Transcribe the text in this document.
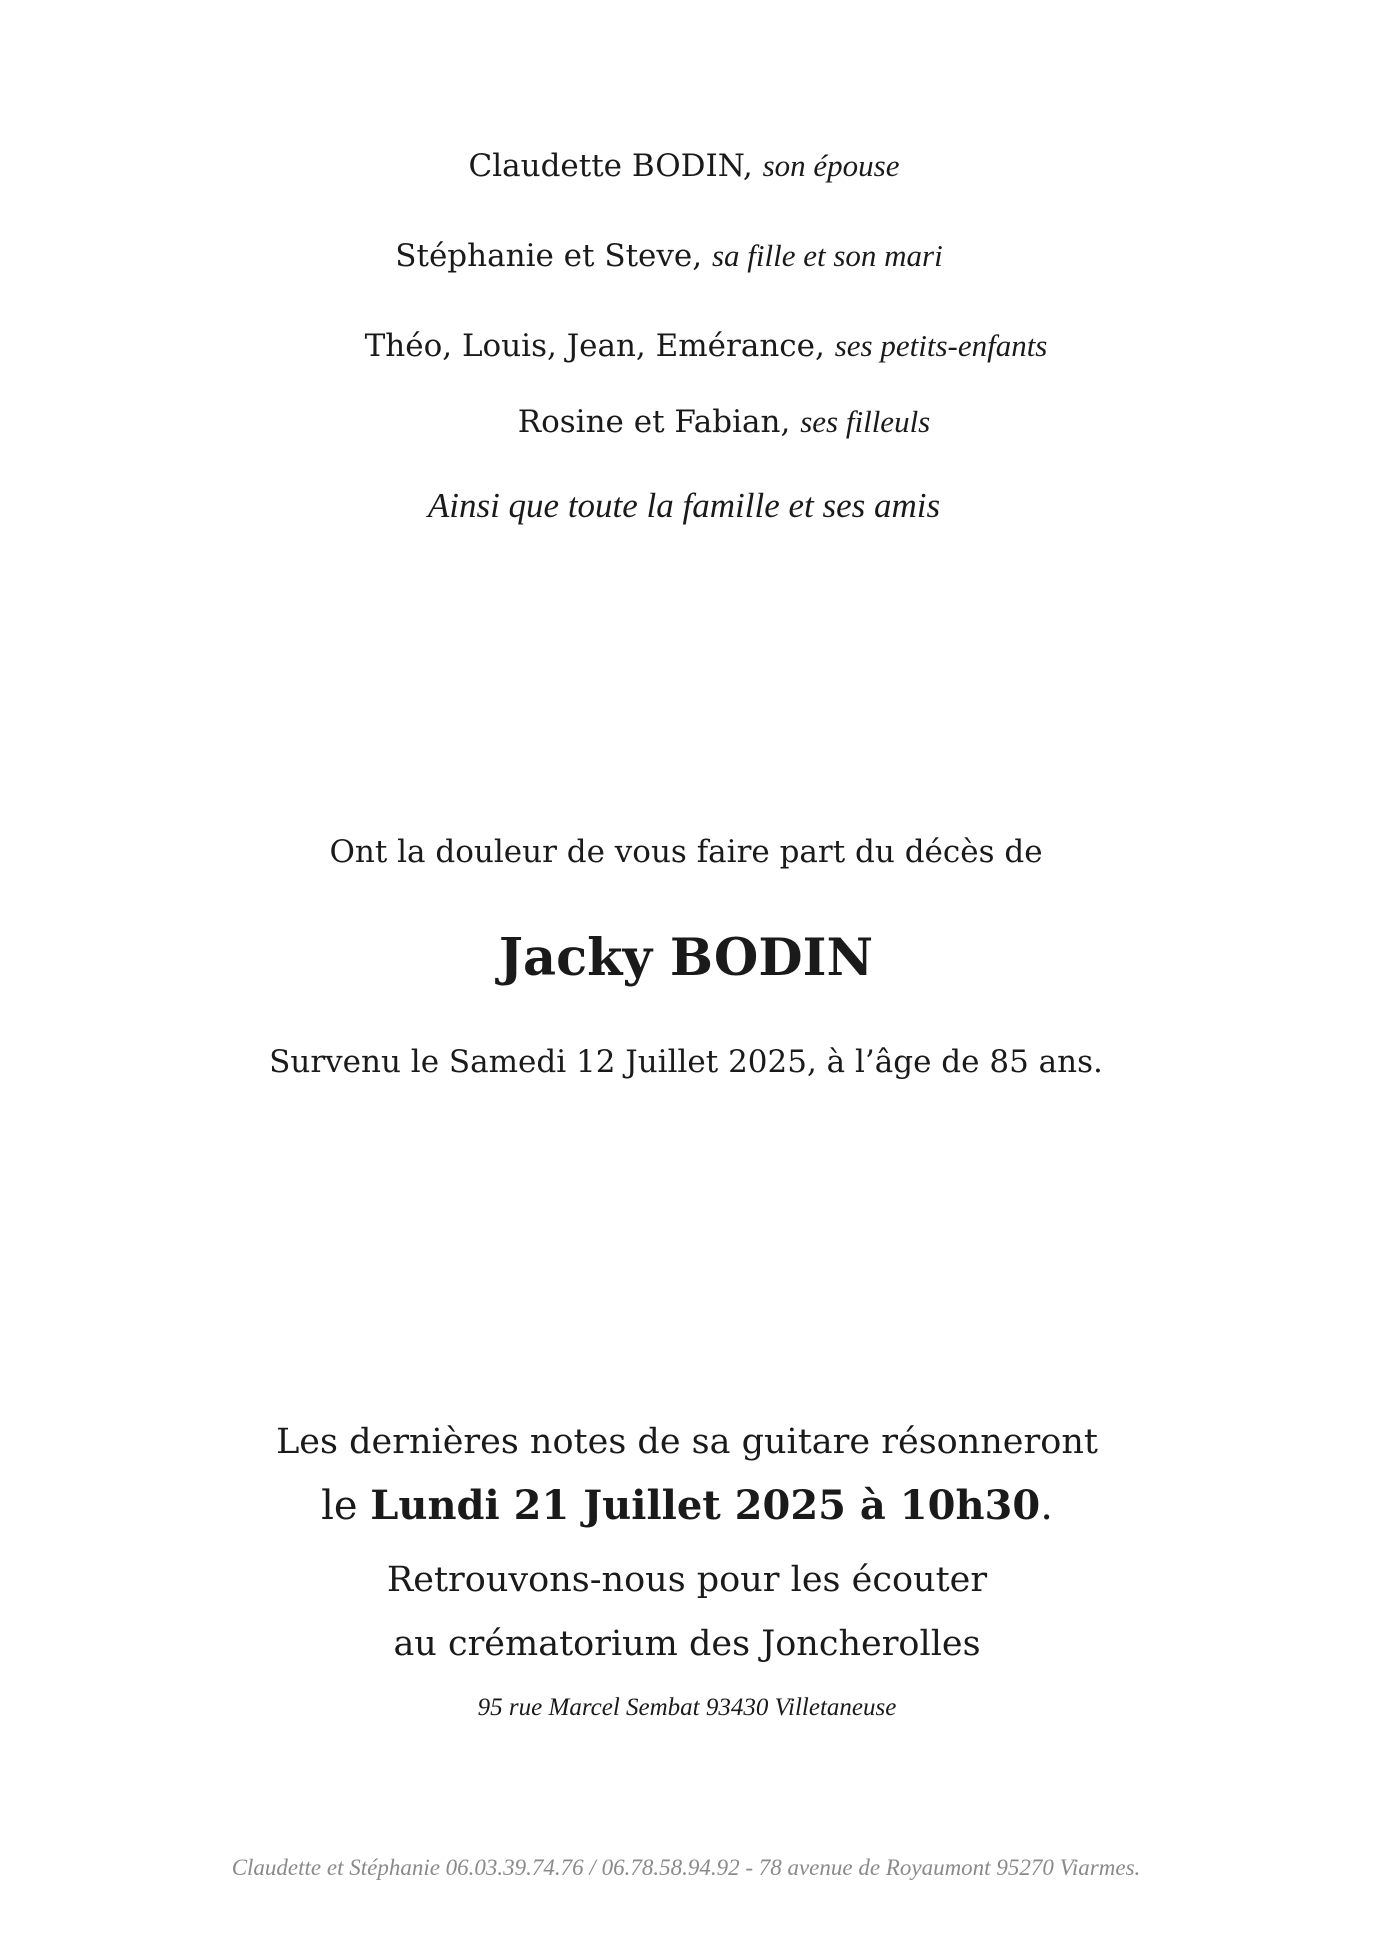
Claudette BODIN, son épouse
Stéphanie et Steve, sa fille et son mari
Théo, Louis, Jean, Emérance, ses petits-enfants
Rosine et Fabian, ses filleuls
Ainsi que toute la famille et ses amis
Ont la douleur de vous faire part du décès de
Jacky BODIN
Survenu le Samedi 12 Juillet 2025, à l’âge de 85 ans.
Les dernières notes de sa guitare résonneront
le Lundi 21 Juillet 2025 à 10h30.
Retrouvons-nous pour les écouter
au crématorium des Joncherolles
95 rue Marcel Sembat 93430 Villetaneuse
Claudette et Stéphanie 06.03.39.74.76 / 06.78.58.94.92 - 78 avenue de Royaumont 95270 Viarmes.
